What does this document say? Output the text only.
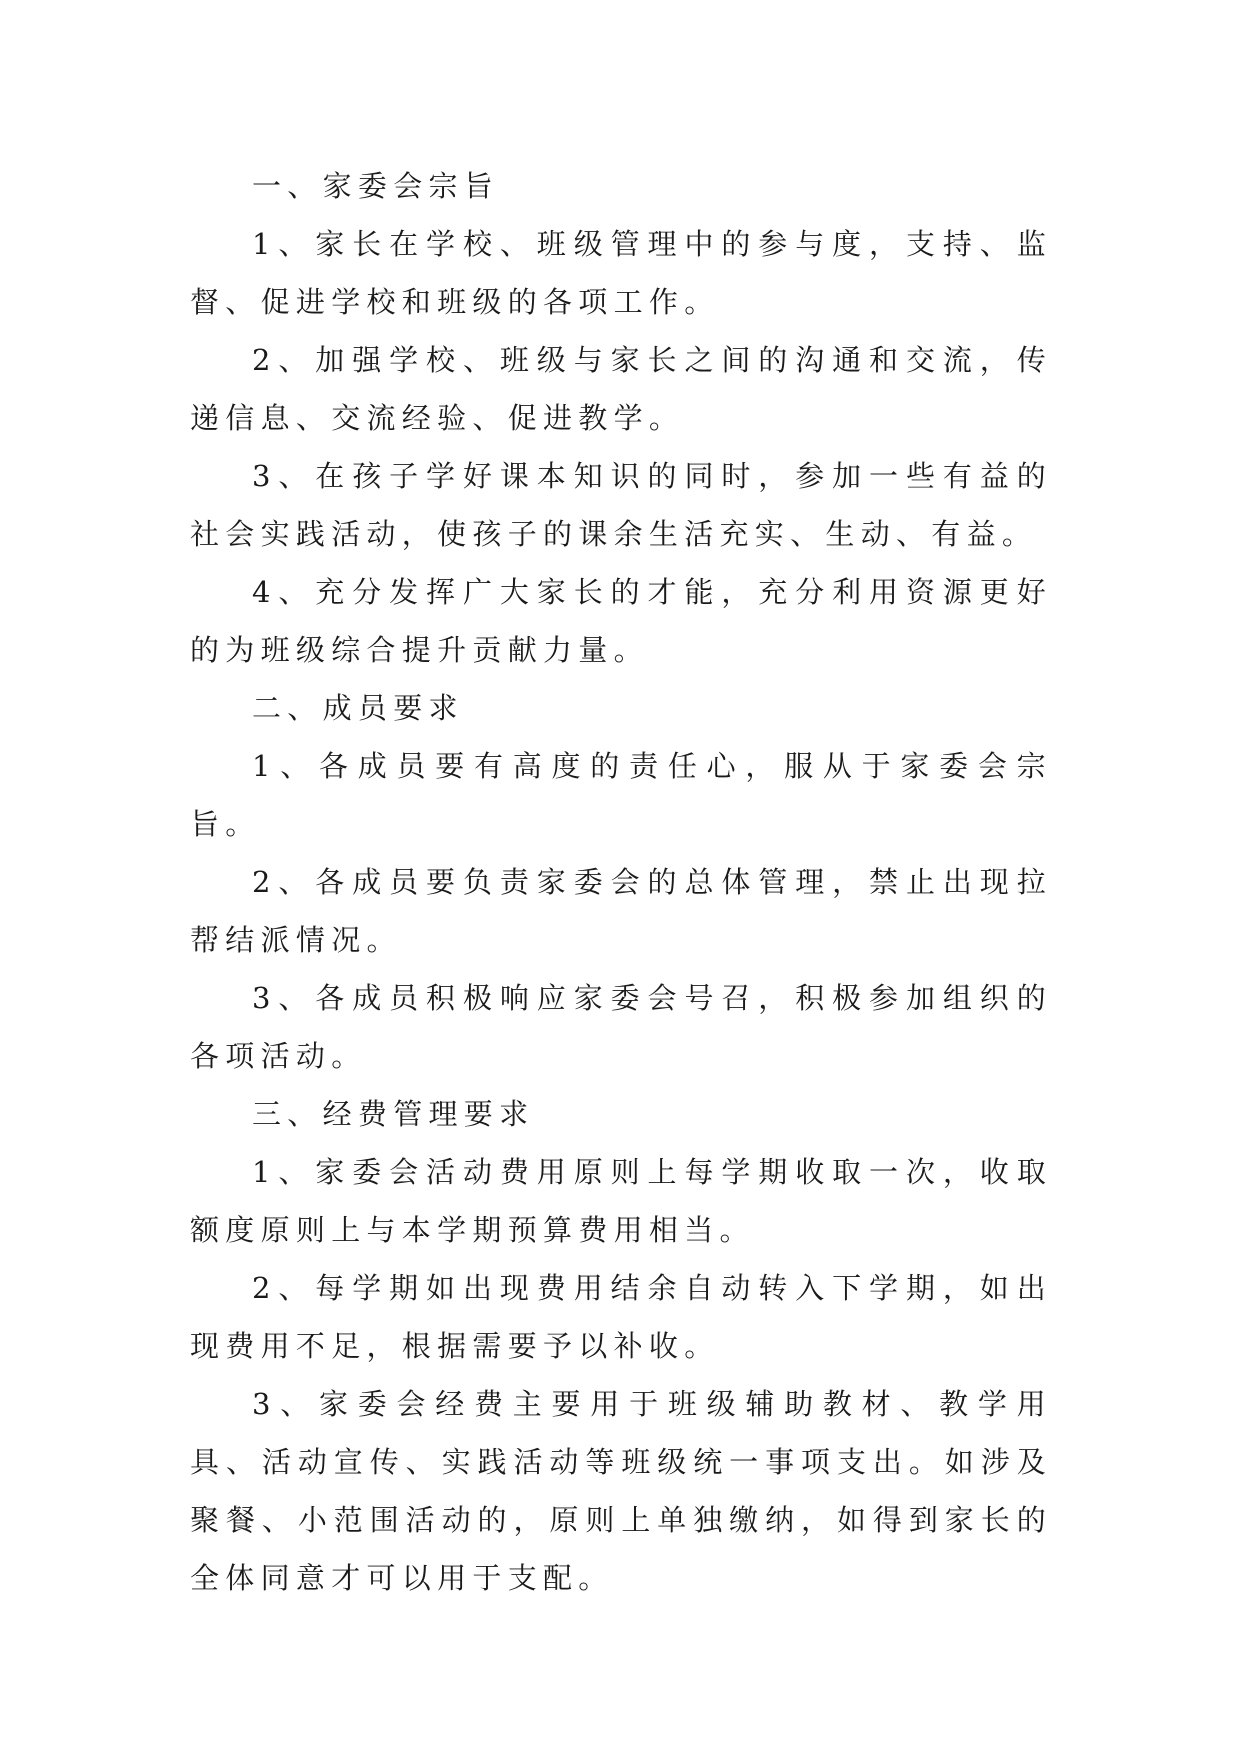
一、家委会宗旨

1、家长在学校、班级管理中的参与度，支持、监督、促进学校和班级的各项工作。

2、加强学校、班级与家长之间的沟通和交流，传递信息、交流经验、促进教学。

3、在孩子学好课本知识的同时，参加一些有益的社会实践活动，使孩子的课余生活充实、生动、有益。

4、充分发挥广大家长的才能，充分利用资源更好的为班级综合提升贡献力量。

二、成员要求

1、各成员要有高度的责任心，服从于家委会宗旨。

2、各成员要负责家委会的总体管理，禁止出现拉帮结派情况。

3、各成员积极响应家委会号召，积极参加组织的各项活动。

三、经费管理要求

1、家委会活动费用原则上每学期收取一次，收取额度原则上与本学期预算费用相当。

2、每学期如出现费用结余自动转入下学期，如出现费用不足，根据需要予以补收。

3、家委会经费主要用于班级辅助教材、教学用具、活动宣传、实践活动等班级统一事项支出。如涉及聚餐、小范围活动的，原则上单独缴纳，如得到家长的全体同意才可以用于支配。
